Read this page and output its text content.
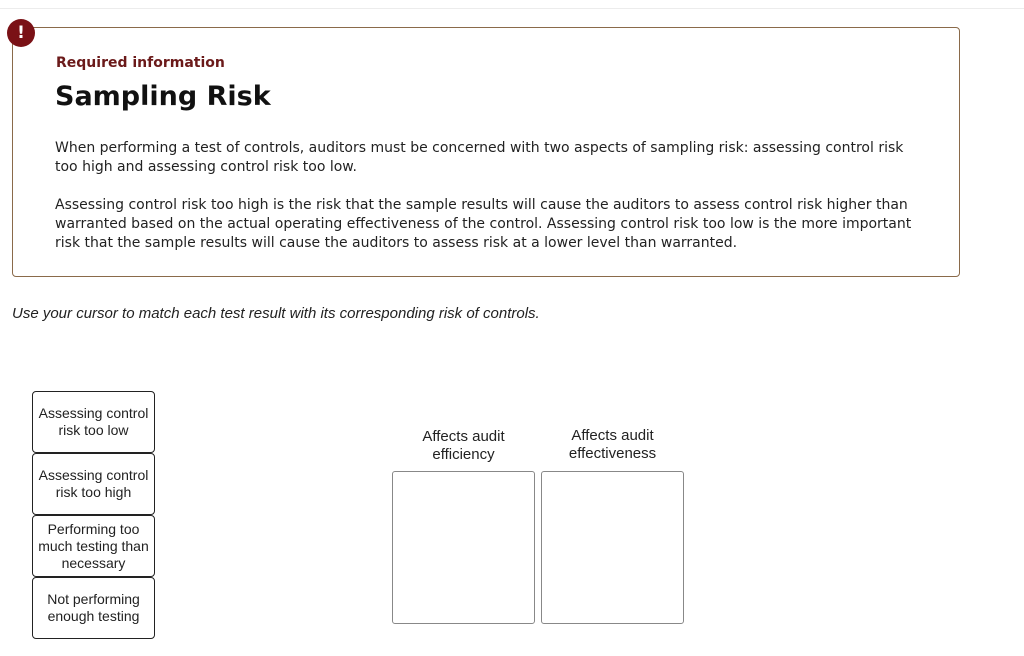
Required information
Sampling Risk

When performing a test of controls, auditors must be concerned with two aspects of sampling risk: assessing control risk too high and assessing control risk too low.

Assessing control risk too high is the risk that the sample results will cause the auditors to assess control risk higher than warranted based on the actual operating effectiveness of the control. Assessing control risk too low is the more important risk that the sample results will cause the auditors to assess risk at a lower level than warranted.

!
Use your cursor to match each test result with its corresponding risk of controls.
Assessing control risk too low
Assessing control risk too high
Performing too much testing than necessary
Not performing enough testing
Affects audit efficiency
Affects audit effectiveness
